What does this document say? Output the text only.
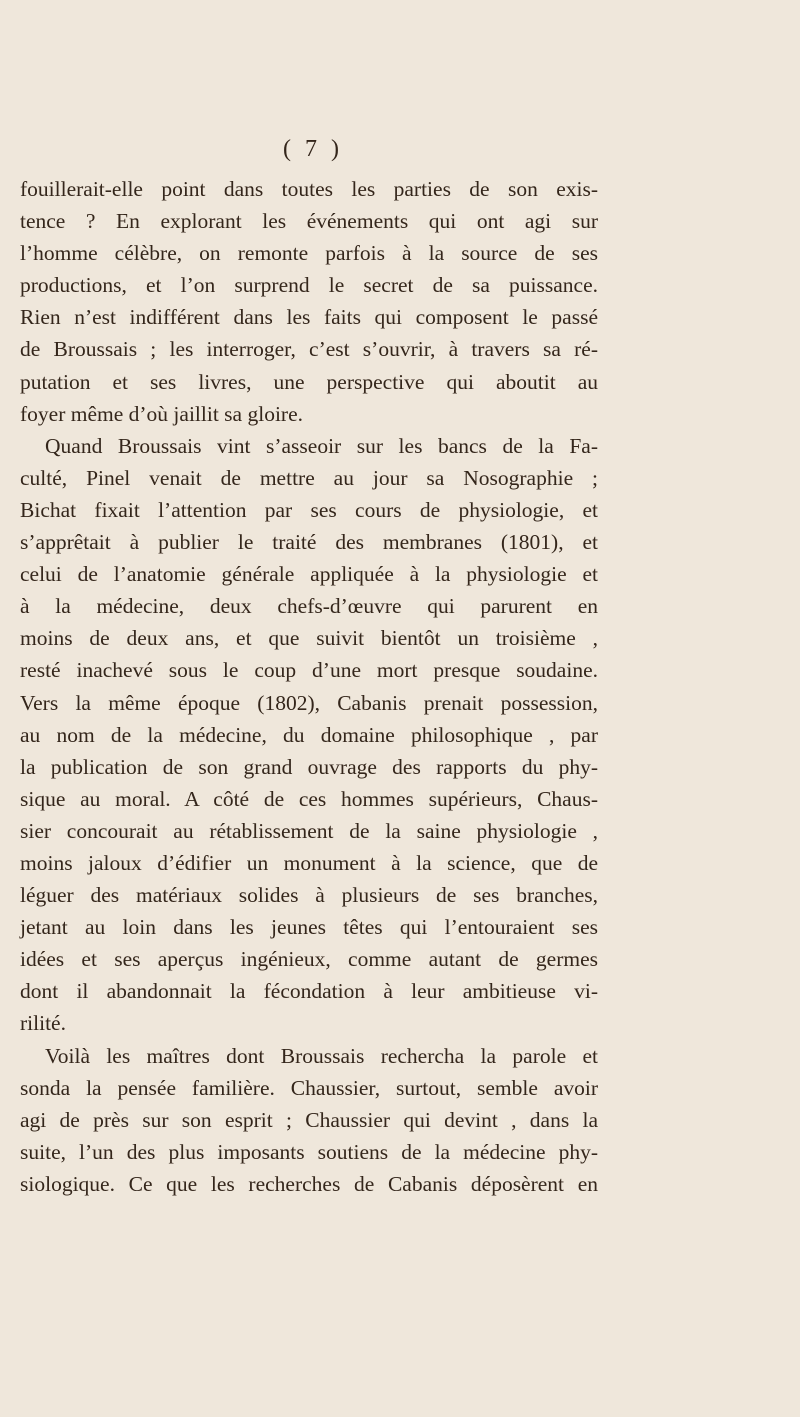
( 7 )
fouillerait-elle point dans toutes les parties de son exis-
tence ? En explorant les événements qui ont agi sur
l’homme célèbre, on remonte parfois à la source de ses
productions, et l’on surprend le secret de sa puissance.
Rien n’est indifférent dans les faits qui composent le passé
de Broussais ; les interroger, c’est s’ouvrir, à travers sa ré-
putation et ses livres, une perspective qui aboutit au
foyer même d’où jaillit sa gloire.
Quand Broussais vint s’asseoir sur les bancs de la Fa-
culté, Pinel venait de mettre au jour sa Nosographie ;
Bichat fixait l’attention par ses cours de physiologie, et
s’apprêtait à publier le traité des membranes (1801), et
celui de l’anatomie générale appliquée à la physiologie et
à la médecine, deux chefs-d’œuvre qui parurent en
moins de deux ans, et que suivit bientôt un troisième ,
resté inachevé sous le coup d’une mort presque soudaine.
Vers la même époque (1802), Cabanis prenait possession,
au nom de la médecine, du domaine philosophique , par
la publication de son grand ouvrage des rapports du phy-
sique au moral. A côté de ces hommes supérieurs, Chaus-
sier concourait au rétablissement de la saine physiologie ,
moins jaloux d’édifier un monument à la science, que de
léguer des matériaux solides à plusieurs de ses branches,
jetant au loin dans les jeunes têtes qui l’entouraient ses
idées et ses aperçus ingénieux, comme autant de germes
dont il abandonnait la fécondation à leur ambitieuse vi-
rilité.
Voilà les maîtres dont Broussais rechercha la parole et
sonda la pensée familière. Chaussier, surtout, semble avoir
agi de près sur son esprit ; Chaussier qui devint , dans la
suite, l’un des plus imposants soutiens de la médecine phy-
siologique. Ce que les recherches de Cabanis déposèrent en
